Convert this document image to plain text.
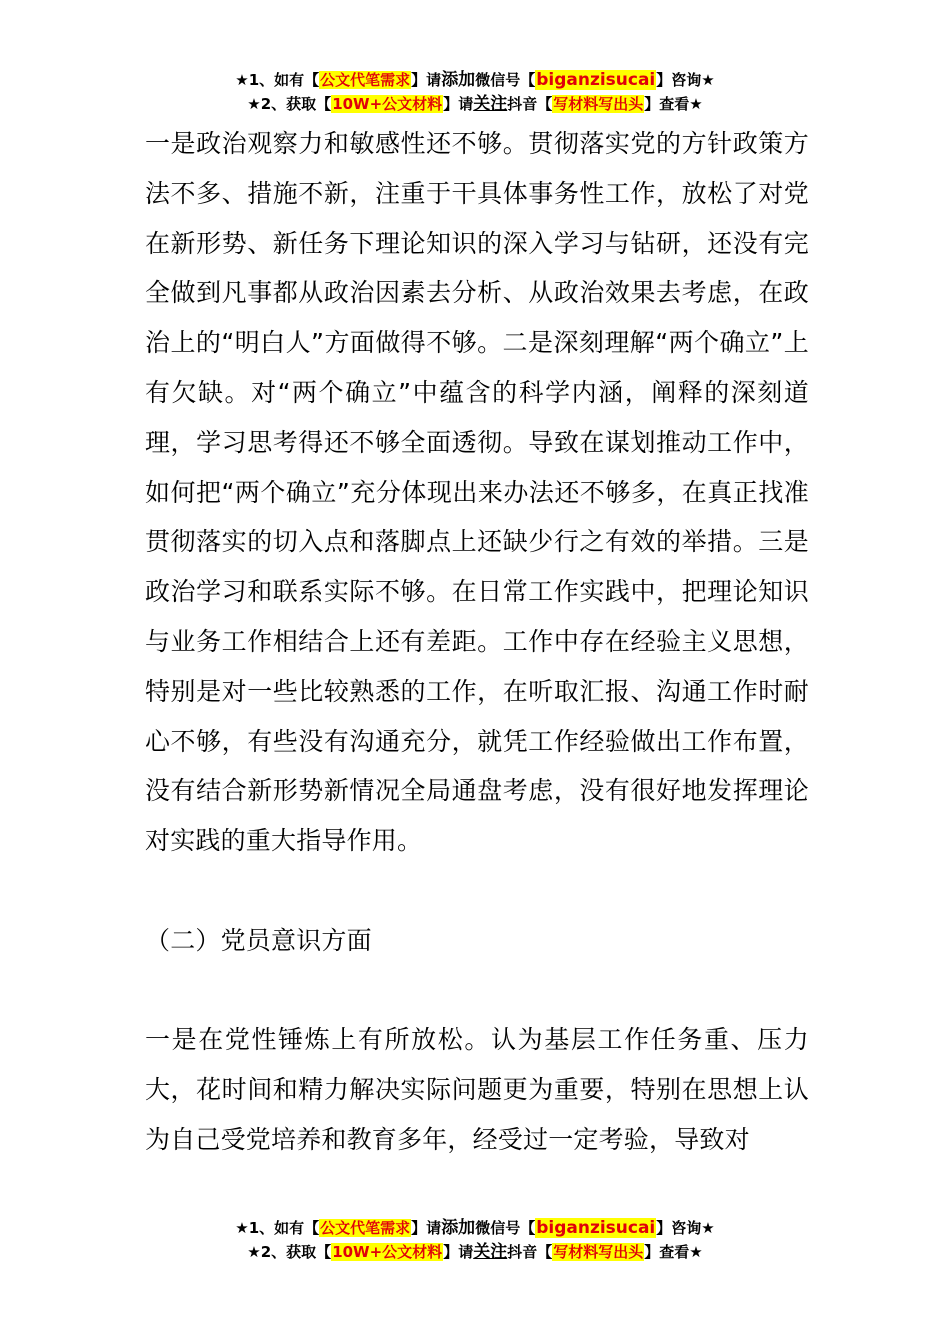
★1、如有【公文代笔需求】请添加微信号【biganzisucai】咨询★
★2、获取【10W+公文材料】请关注抖音【写材料写出头】查看★

一是政治观察力和敏感性还不够。贯彻落实党的方针政策方法不多、措施不新，注重于干具体事务性工作，放松了对党在新形势、新任务下理论知识的深入学习与钻研，还没有完全做到凡事都从政治因素去分析、从政治效果去考虑，在政治上的“明白人”方面做得不够。二是深刻理解“两个确立”上有欠缺。对“两个确立”中蕴含的科学内涵，阐释的深刻道理，学习思考得还不够全面透彻。导致在谋划推动工作中，如何把“两个确立”充分体现出来办法还不够多，在真正找准贯彻落实的切入点和落脚点上还缺少行之有效的举措。三是政治学习和联系实际不够。在日常工作实践中，把理论知识与业务工作相结合上还有差距。工作中存在经验主义思想，特别是对一些比较熟悉的工作，在听取汇报、沟通工作时耐心不够，有些没有沟通充分，就凭工作经验做出工作布置，没有结合新形势新情况全局通盘考虑，没有很好地发挥理论对实践的重大指导作用。

（二）党员意识方面

一是在党性锤炼上有所放松。认为基层工作任务重、压力大，花时间和精力解决实际问题更为重要，特别在思想上认为自己受党培养和教育多年，经受过一定考验，导致对

★1、如有【公文代笔需求】请添加微信号【biganzisucai】咨询★
★2、获取【10W+公文材料】请关注抖音【写材料写出头】查看★
